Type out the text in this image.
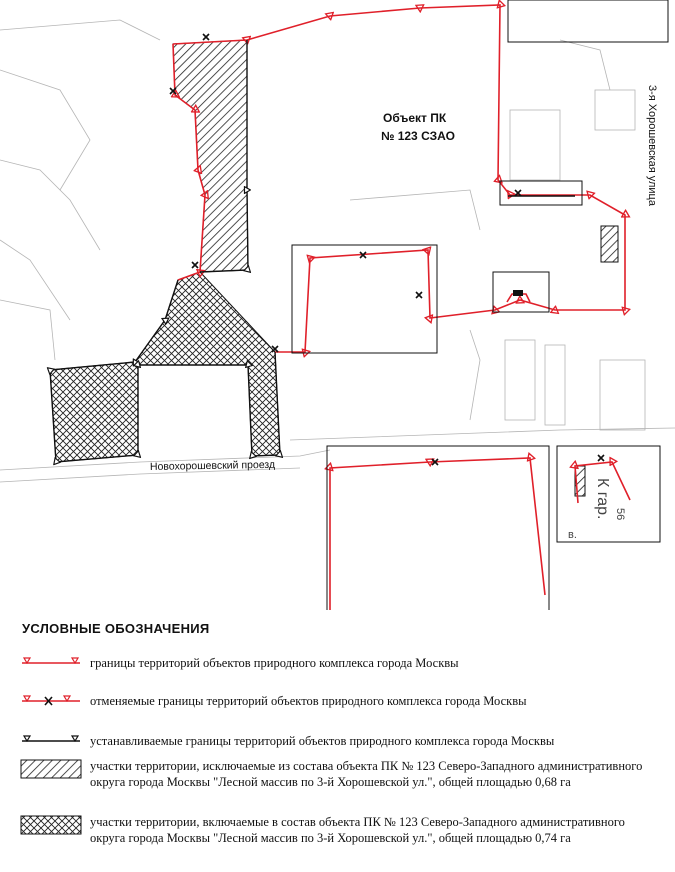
Объект ПК
№ 123 СЗАО	3-я Хорошевская улица
Новохорошевский проезд
К гар. 56
в.
УСЛОВНЫЕ ОБОЗНАЧЕНИЯ
границы территорий объектов природного комплекса города Москвы
отменяемые границы территорий объектов природного комплекса города Москвы
устанавливаемые границы территорий объектов природного комплекса города Москвы
участки территории, исключаемые из состава объекта ПК № 123 Северо-Западного административного округа города Москвы "Лесной массив по 3-й Хорошевской ул.", общей площадью 0,68 га
участки территории, включаемые в состав объекта ПК № 123 Северо-Западного административного округа города Москвы "Лесной массив по 3-й Хорошевской ул.", общей площадью 0,74 га
